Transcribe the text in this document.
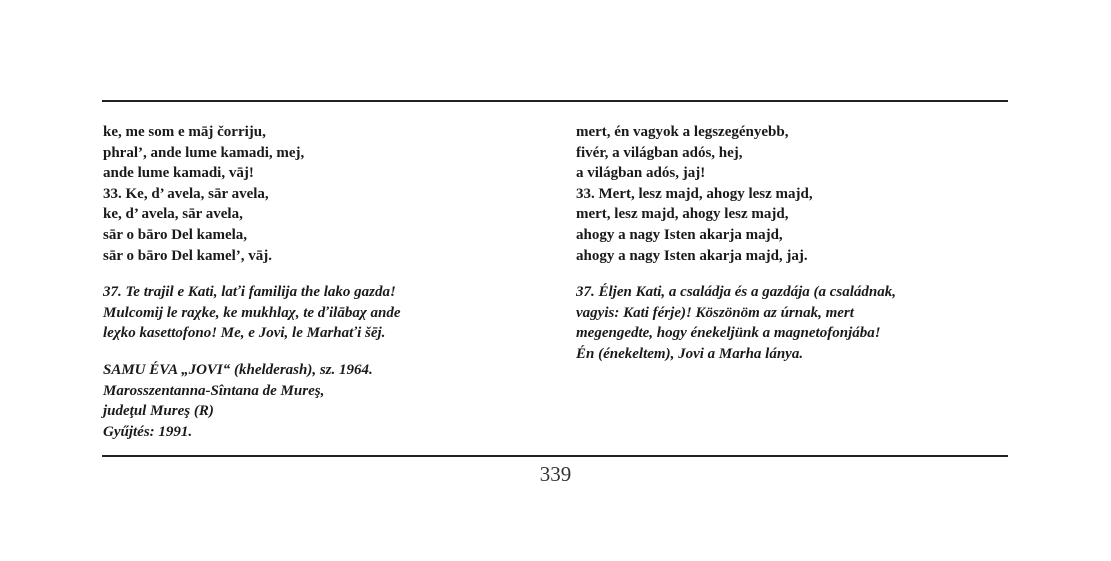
ke, me som e māj čorriju,
phral’, ande lume kamadi, mej,
ande lume kamadi, vāj!
33. Ke, d’ avela, sār avela,
ke, d’ avela, sār avela,
sār o bāro Del kamela,
sār o bāro Del kamel’, vāj.
37. Te trajil e Kati, laťi familija the lako gazda!
Mulcomij le raχke, ke mukhlaχ, te ďilābaχ ande
leχko kasettofono! Me, e Jovi, le Marhaťi šēj.
SAMU ÉVA „JOVI“ (khelderash), sz. 1964.
Marosszentanna-Sîntana de Mureş,
judeţul Mureş (R)
Gyűjtés: 1991.
mert, én vagyok a legszegényebb,
fivér, a világban adós, hej,
a világban adós, jaj!
33. Mert, lesz majd, ahogy lesz majd,
mert, lesz majd, ahogy lesz majd,
ahogy a nagy Isten akarja majd,
ahogy a nagy Isten akarja majd, jaj.
37. Éljen Kati, a családja és a gazdája (a családnak,
vagyis: Kati férje)! Köszönöm az úrnak, mert
megengedte, hogy énekeljünk a magnetofonjába!
Én (énekeltem), Jovi a Marha lánya.
339
